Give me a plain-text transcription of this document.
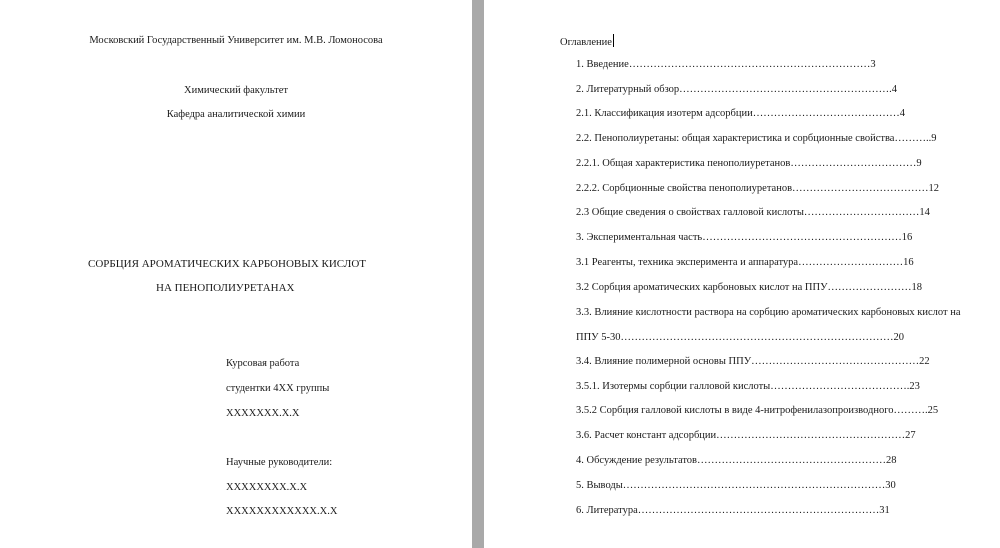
Московский Государственный Университет им. М.В. Ломоносова
Химический факультет
Кафедра аналитической химии
СОРБЦИЯ АРОМАТИЧЕСКИХ КАРБОНОВЫХ КИСЛОТ
НА ПЕНОПОЛИУРЕТАНАХ
Курсовая работа
студентки 4ХХ группы
ХХХХХХХ.Х.Х
Научные руководители:
ХХХХХХХХ.Х.Х
ХХХХХХХХХХХХ.Х.Х
Оглавление
1. Введение……………………………………………………………3
2. Литературный обзор…………………………………………………….4
2.1. Классификация изотерм адсорбции……………………………………4
2.2. Пенополиуретаны: общая характеристика и сорбционные свойства………..9
2.2.1. Общая характеристика пенополиуретанов………………………………9
2.2.2. Сорбционные свойства пенополиуретанов…………………………………12
2.3 Общие сведения о свойствах галловой кислоты……………………………14
3. Экспериментальная часть…………………………………………………16
3.1 Реагенты, техника эксперимента и аппаратура…………………………16
3.2 Сорбция ароматических карбоновых кислот на ППУ……………………18
3.3. Влияние кислотности раствора на сорбцию ароматических карбоновых кислот на
ППУ 5-30……………………………………………………………………20
3.4. Влияние полимерной основы ППУ…………………………………………22
3.5.1. Изотермы сорбции галловой кислоты………………………………….23
3.5.2 Сорбция галловой кислоты в виде 4-нитрофенилазопроизводного……….25
3.6. Расчет констант адсорбции………………………………………………27
4. Обсуждение результатов………………………………………………28
5. Выводы…………………………………………………………………30
6. Литература……………………………………………………………31
